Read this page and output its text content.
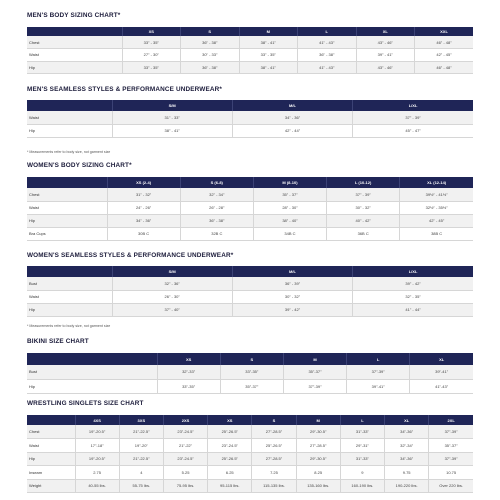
MEN'S BODY SIZING CHART*
	XS	S	M	L	XL	XXL
Chest	33" - 35"	36" - 38"	38" - 41"	41" - 43"	43" - 46"	46" - 48"
Waist	27" - 30"	30" - 33"	33" - 35"	36" - 38"	39" - 41"	42" - 45"
Hip	33" - 35"	36" - 38"	38" - 41"	41" - 43"	43" - 46"	46" - 48"
MEN'S SEAMLESS STYLES & PERFORMANCE UNDERWEAR*
	S/M	M/L	L/XL
Waist	31" - 33"	34" - 36"	37" - 39"
Hip	38" - 41"	42" - 44"	45" - 47"
* Measurements refer to body size, not garment size
WOMEN'S BODY SIZING CHART*
	XS (2-4)	S (6-8)	M (8-10)	L (10-12)	XL (12-14)
Chest	31" - 32"	32" - 34"	35" - 37"	37" - 39"	39½" - 41½"
Waist	24" - 26"	26" - 28"	28" - 30"	30" - 32"	32½" - 35½"
Hip	34" - 36"	36" - 38"	38" - 40"	40" - 42"	42" - 45"
Bra Cups	30B C	32B C	34B C	36B C	38B C
WOMEN'S SEAMLESS STYLES & PERFORMANCE UNDERWEAR*
	S/M	M/L	L/XL
Bust	32" - 36"	36" - 39"	39" - 42"
Waist	26" - 30"	30" - 32"	32" - 35"
Hip	37" - 40"	39" - 42"	41" - 44"
* Measurements refer to body size, not garment size
BIKINI SIZE CHART
	XS	S	M	L	XL
Bust	32"-33"	33"-35"	35"-37"	37"-39"	39"-41"
Hip	33"-35"	35"-37"	37"-39"	39"-41"	41"-43"
WRESTLING SINGLETS SIZE CHART
	4XS	3XS	2XS	XS	S	M	L	XL	2XL
Chest	19"-20.5"	21"-22.5"	23"-24.5"	25"-26.5"	27"-28.5"	29"-30.5"	31"-33"	34"-36"	37"-39"
Waist	17"-18"	19"-20"	21"-22"	23"-24.5"	25"-26.5"	27"-28.5"	29"-31"	32"-34"	35"-37"
Hip	19"-20.5"	21"-22.5"	23"-24.5"	25"-26.5"	27"-28.5"	29"-30.5"	31"-33"	34"-36"	37"-39"
Inseam	2.75	4	5.25	6.25	7.25	8.25	9	9.75	10.75
Weight	40-55 lbs.	55-75 lbs.	75-95 lbs.	95-115 lbs.	115-135 lbs.	135-160 lbs.	160-190 lbs.	190-220 lbs.	Over 220 lbs.
